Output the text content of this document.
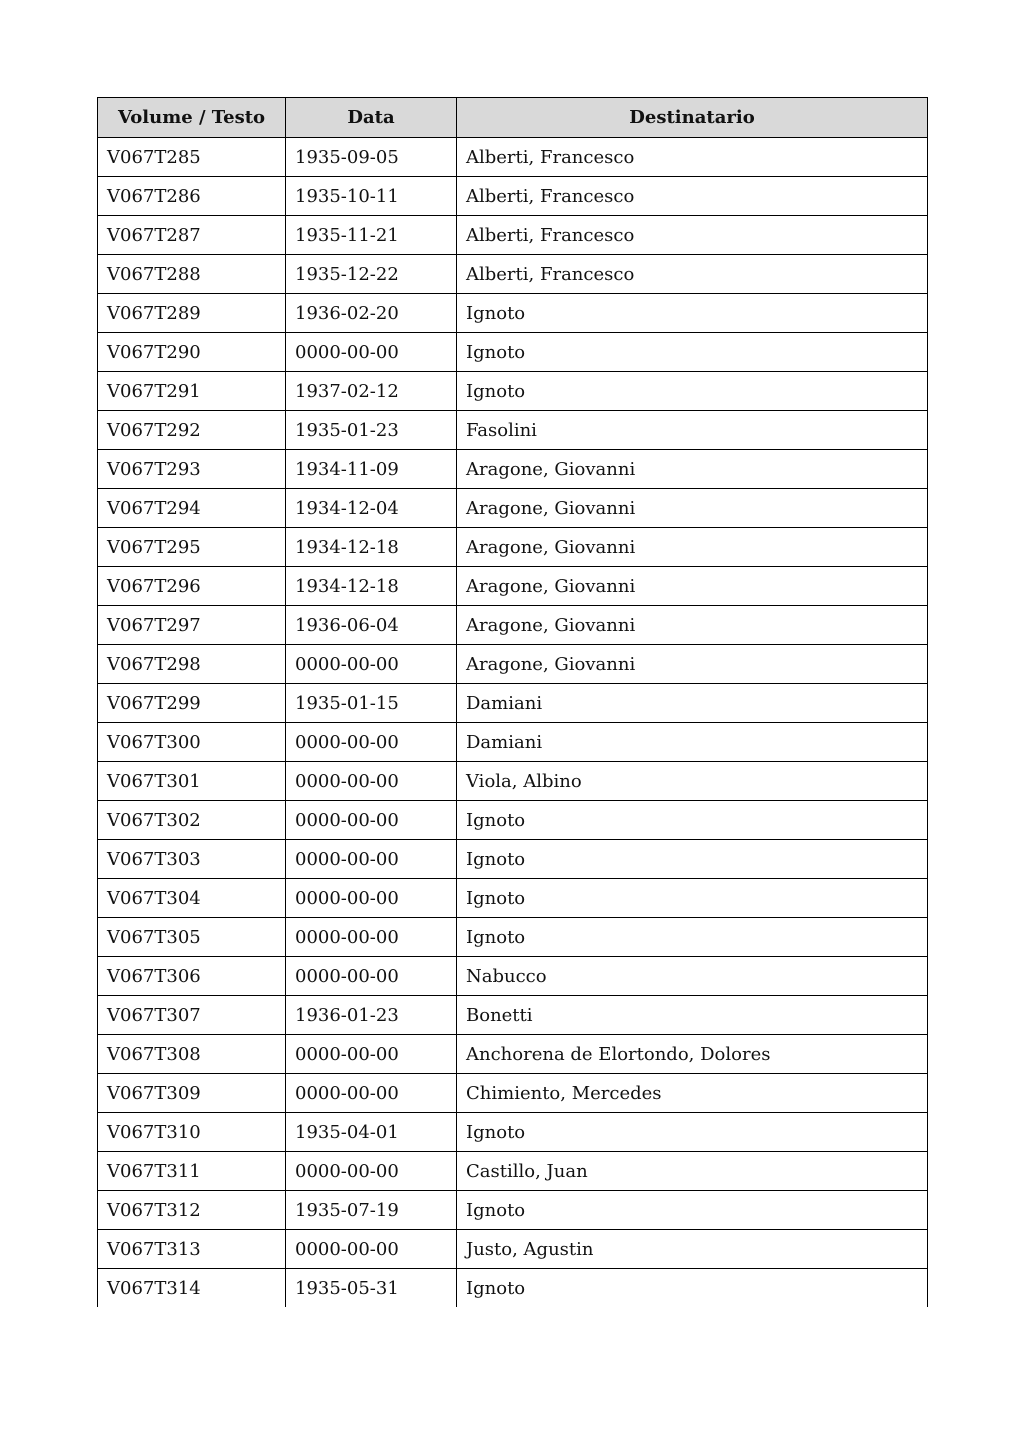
Volume / Testo	Data	Destinatario
V067T285	1935-09-05	Alberti, Francesco
V067T286	1935-10-11	Alberti, Francesco
V067T287	1935-11-21	Alberti, Francesco
V067T288	1935-12-22	Alberti, Francesco
V067T289	1936-02-20	Ignoto
V067T290	0000-00-00	Ignoto
V067T291	1937-02-12	Ignoto
V067T292	1935-01-23	Fasolini
V067T293	1934-11-09	Aragone, Giovanni
V067T294	1934-12-04	Aragone, Giovanni
V067T295	1934-12-18	Aragone, Giovanni
V067T296	1934-12-18	Aragone, Giovanni
V067T297	1936-06-04	Aragone, Giovanni
V067T298	0000-00-00	Aragone, Giovanni
V067T299	1935-01-15	Damiani
V067T300	0000-00-00	Damiani
V067T301	0000-00-00	Viola, Albino
V067T302	0000-00-00	Ignoto
V067T303	0000-00-00	Ignoto
V067T304	0000-00-00	Ignoto
V067T305	0000-00-00	Ignoto
V067T306	0000-00-00	Nabucco
V067T307	1936-01-23	Bonetti
V067T308	0000-00-00	Anchorena de Elortondo, Dolores
V067T309	0000-00-00	Chimiento, Mercedes
V067T310	1935-04-01	Ignoto
V067T311	0000-00-00	Castillo, Juan
V067T312	1935-07-19	Ignoto
V067T313	0000-00-00	Justo, Agustin
V067T314	1935-05-31	Ignoto
